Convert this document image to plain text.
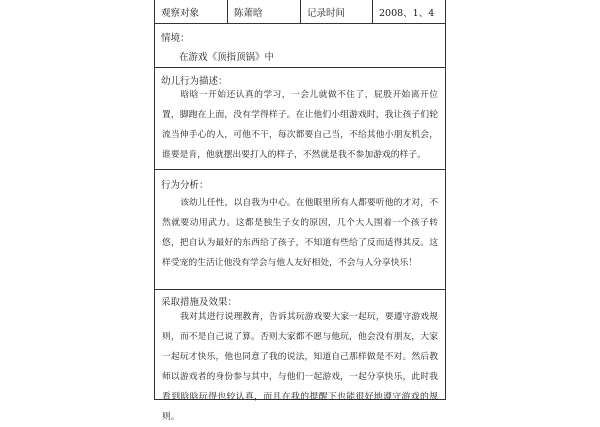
观察对象	陈萧晗	记录时间	2008、1、4
情境：
在游戏《顶指顶锅》中
幼儿行为描述：
晗晗一开始还认真的学习，一会儿就做不住了，屁股开始离开位置，脚跑在上面，没有学得样子。在让他们小组游戏时，我让孩子们轮流当伸手心的人，可他不干，每次都要自己当，不给其他小朋友机会，谁要是肯，他就摆出要打人的样子，不然就是我不参加游戏的样子。
行为分析：
该幼儿任性，以自我为中心。在他眼里所有人都要听他的才对，不然就要动用武力。这都是独生子女的原因，几个大人围着一个孩子转悠，把自认为最好的东西给了孩子，不知道有些给了反而适得其反。这样受宠的生活让他没有学会与他人友好相处，不会与人分享快乐！
采取措施及效果：
我对其进行说理教育，告诉其玩游戏要大家一起玩，要遵守游戏规则，而不是自己说了算。否则大家都不愿与他玩，他会没有朋友，大家一起玩才快乐，他也同意了我的说法，知道自己那样做是不对。然后教师以游戏者的身份参与其中，与他们一起游戏，一起分享快乐，此时我看到晗晗玩得也较认真，而且在我的提醒下也能很好地遵守游戏的规则。
